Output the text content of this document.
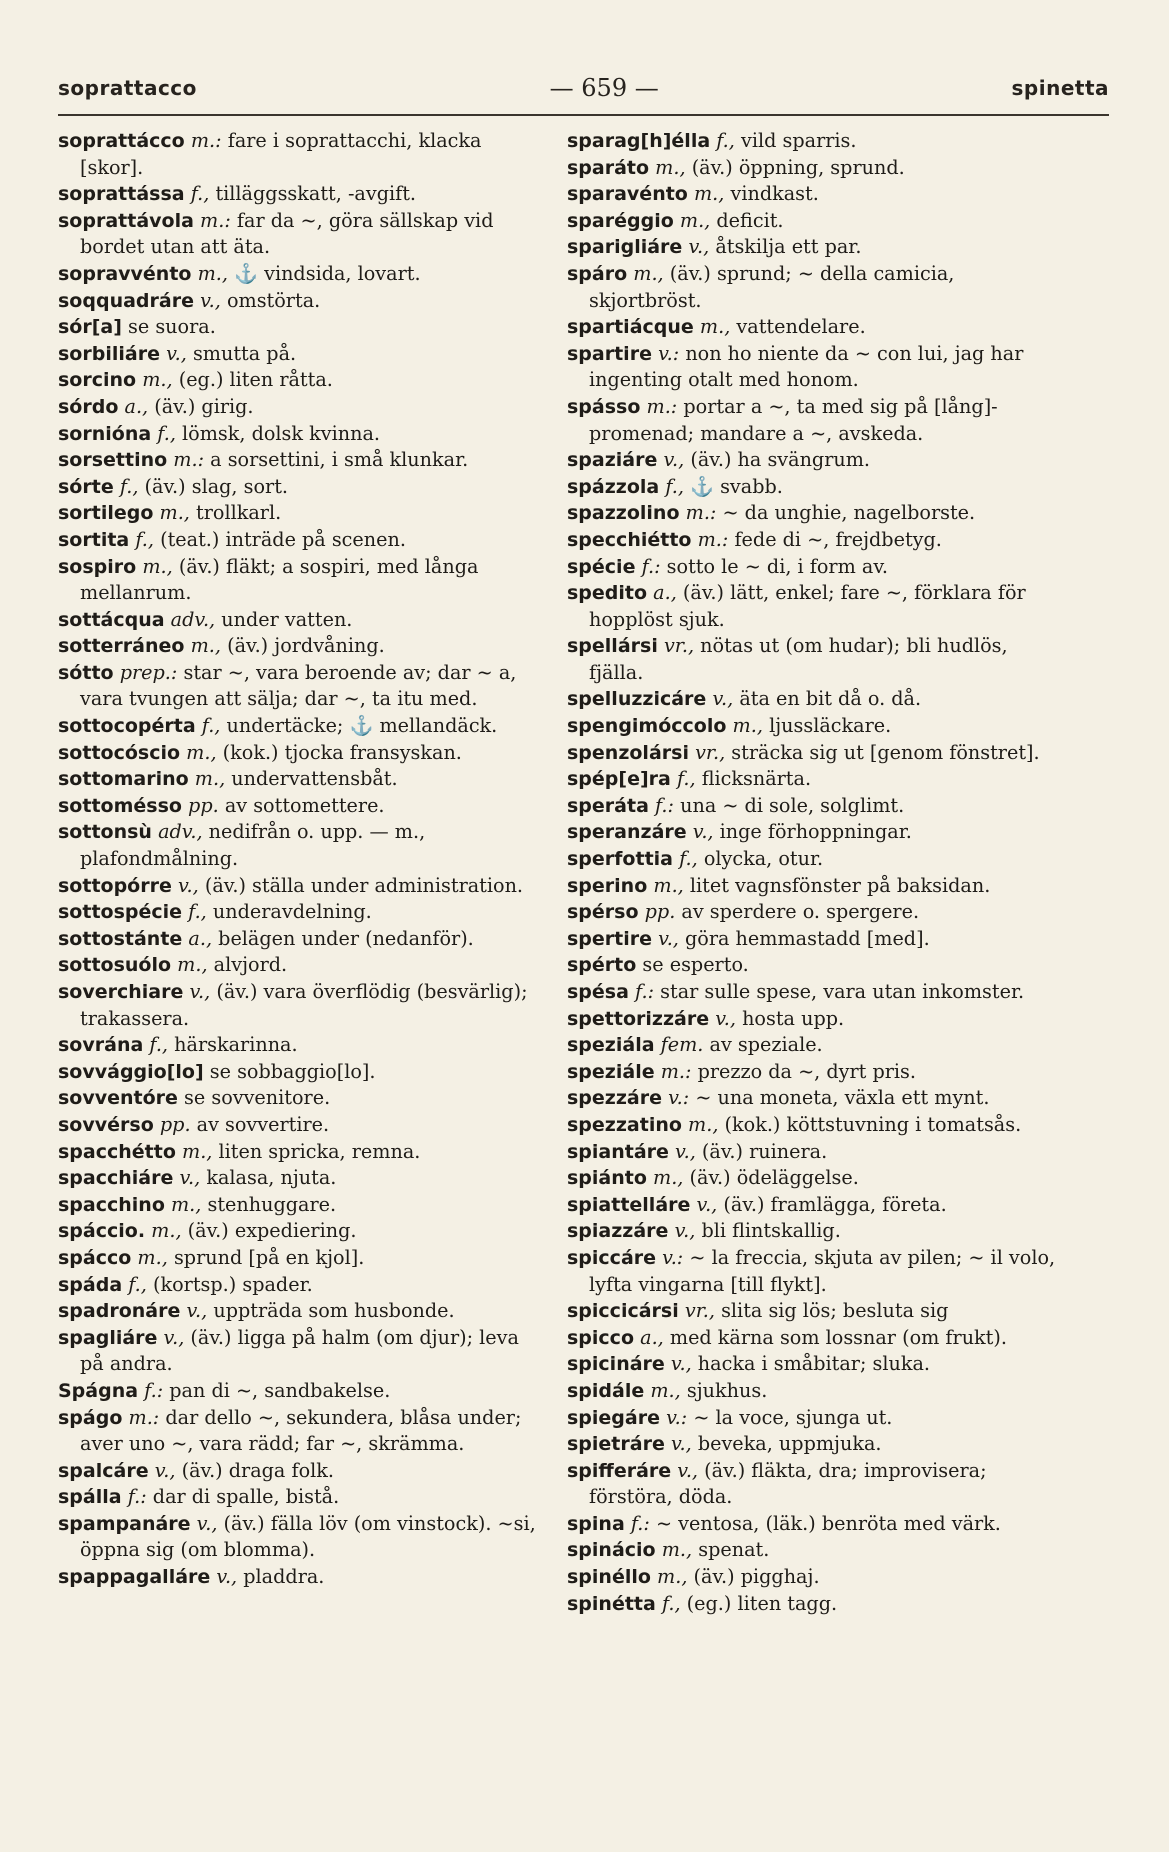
soprattacco	— 659 —	spinetta

soprattácco m.: fare i soprattacchi, klacka [skor].

soprattássa f., tilläggsskatt, -avgift.

soprattávola m.: far da ~, göra sällskap vid bordet utan att äta.

sopravvénto m., ⚓ vindsida, lovart.

soqquadráre v., omstörta.

sór[a] se suora.

sorbiliáre v., smutta på.

sorcino m., (eg.) liten råtta.

sórdo a., (äv.) girig.

sornióna f., lömsk, dolsk kvinna.

sorsettino m.: a sorsettini, i små klunkar.

sórte f., (äv.) slag, sort.

sortilego m., trollkarl.

sortita f., (teat.) inträde på scenen.

sospiro m., (äv.) fläkt; a sospiri, med långa mellanrum.

sottácqua adv., under vatten.

sotterráneo m., (äv.) jordvåning.

sótto prep.: star ~, vara beroende av; dar ~ a, vara tvungen att sälja; dar ~, ta itu med.

sottocopérta f., undertäcke; ⚓ mellandäck.

sottocóscio m., (kok.) tjocka fransyskan.

sottomarino m., undervattensbåt.

sottomésso pp. av sottomettere.

sottonsù adv., nedifrån o. upp. — m., plafondmålning.

sottopórre v., (äv.) ställa under administration.

sottospécie f., underavdelning.

sottostánte a., belägen under (nedanför).

sottosuólo m., alvjord.

soverchiare v., (äv.) vara överflödig (besvärlig); trakassera.

sovrána f., härskarinna.

sovvággio[lo] se sobbaggio[lo].

sovventóre se sovvenitore.

sovvérso pp. av sovvertire.

spacchétto m., liten spricka, remna.

spacchiáre v., kalasa, njuta.

spacchino m., stenhuggare.

spáccio. m., (äv.) expediering.

spácco m., sprund [på en kjol].

spáda f., (kortsp.) spader.

spadronáre v., uppträda som husbonde.

spagliáre v., (äv.) ligga på halm (om djur); leva på andra.

Spágna f.: pan di ~, sandbakelse.

spágo m.: dar dello ~, sekundera, blåsa under; aver uno ~, vara rädd; far ~, skrämma.

spalcáre v., (äv.) draga folk.

spálla f.: dar di spalle, bistå.

spampanáre v., (äv.) fälla löv (om vinstock). ~si, öppna sig (om blomma).

spappagalláre v., pladdra.

sparag[h]élla f., vild sparris.

sparáto m., (äv.) öppning, sprund.

sparavénto m., vindkast.

sparéggio m., deficit.

sparigliáre v., åtskilja ett par.

spáro m., (äv.) sprund; ~ della camicia, skjortbröst.

spartiácque m., vattendelare.

spartire v.: non ho niente da ~ con lui, jag har ingenting otalt med honom.

spásso m.: portar a ~, ta med sig på [lång]-promenad; mandare a ~, avskeda.

spaziáre v., (äv.) ha svängrum.

spázzola f., ⚓ svabb.

spazzolino m.: ~ da unghie, nagelborste.

specchiétto m.: fede di ~, frejdbetyg.

spécie f.: sotto le ~ di, i form av.

spedito a., (äv.) lätt, enkel; fare ~, förklara för hopplöst sjuk.

spellársi vr., nötas ut (om hudar); bli hudlös, fjälla.

spelluzzicáre v., äta en bit då o. då.

spengimóccolo m., ljussläckare.

spenzolársi vr., sträcka sig ut [genom fönstret].

spép[e]ra f., flicksnärta.

speráta f.: una ~ di sole, solglimt.

speranzáre v., inge förhoppningar.

sperfottia f., olycka, otur.

sperino m., litet vagnsfönster på baksidan.

spérso pp. av sperdere o. spergere.

spertire v., göra hemmastadd [med].

spérto se esperto.

spésa f.: star sulle spese, vara utan inkomster.

spettorizzáre v., hosta upp.

speziála fem. av speziale.

speziále m.: prezzo da ~, dyrt pris.

spezzáre v.: ~ una moneta, växla ett mynt.

spezzatino m., (kok.) köttstuvning i tomatsås.

spiantáre v., (äv.) ruinera.

spiánto m., (äv.) ödeläggelse.

spiattelláre v., (äv.) framlägga, företa.

spiazzáre v., bli flintskallig.

spiccáre v.: ~ la freccia, skjuta av pilen; ~ il volo, lyfta vingarna [till flykt].

spiccicársi vr., slita sig lös; besluta sig

spicco a., med kärna som lossnar (om frukt).

spicináre v., hacka i småbitar; sluka.

spidále m., sjukhus.

spiegáre v.: ~ la voce, sjunga ut.

spietráre v., beveka, uppmjuka.

spifferáre v., (äv.) fläkta, dra; improvisera; förstöra, döda.

spina f.: ~ ventosa, (läk.) benröta med värk.

spinácio m., spenat.

spinéllo m., (äv.) pigghaj.

spinétta f., (eg.) liten tagg.
